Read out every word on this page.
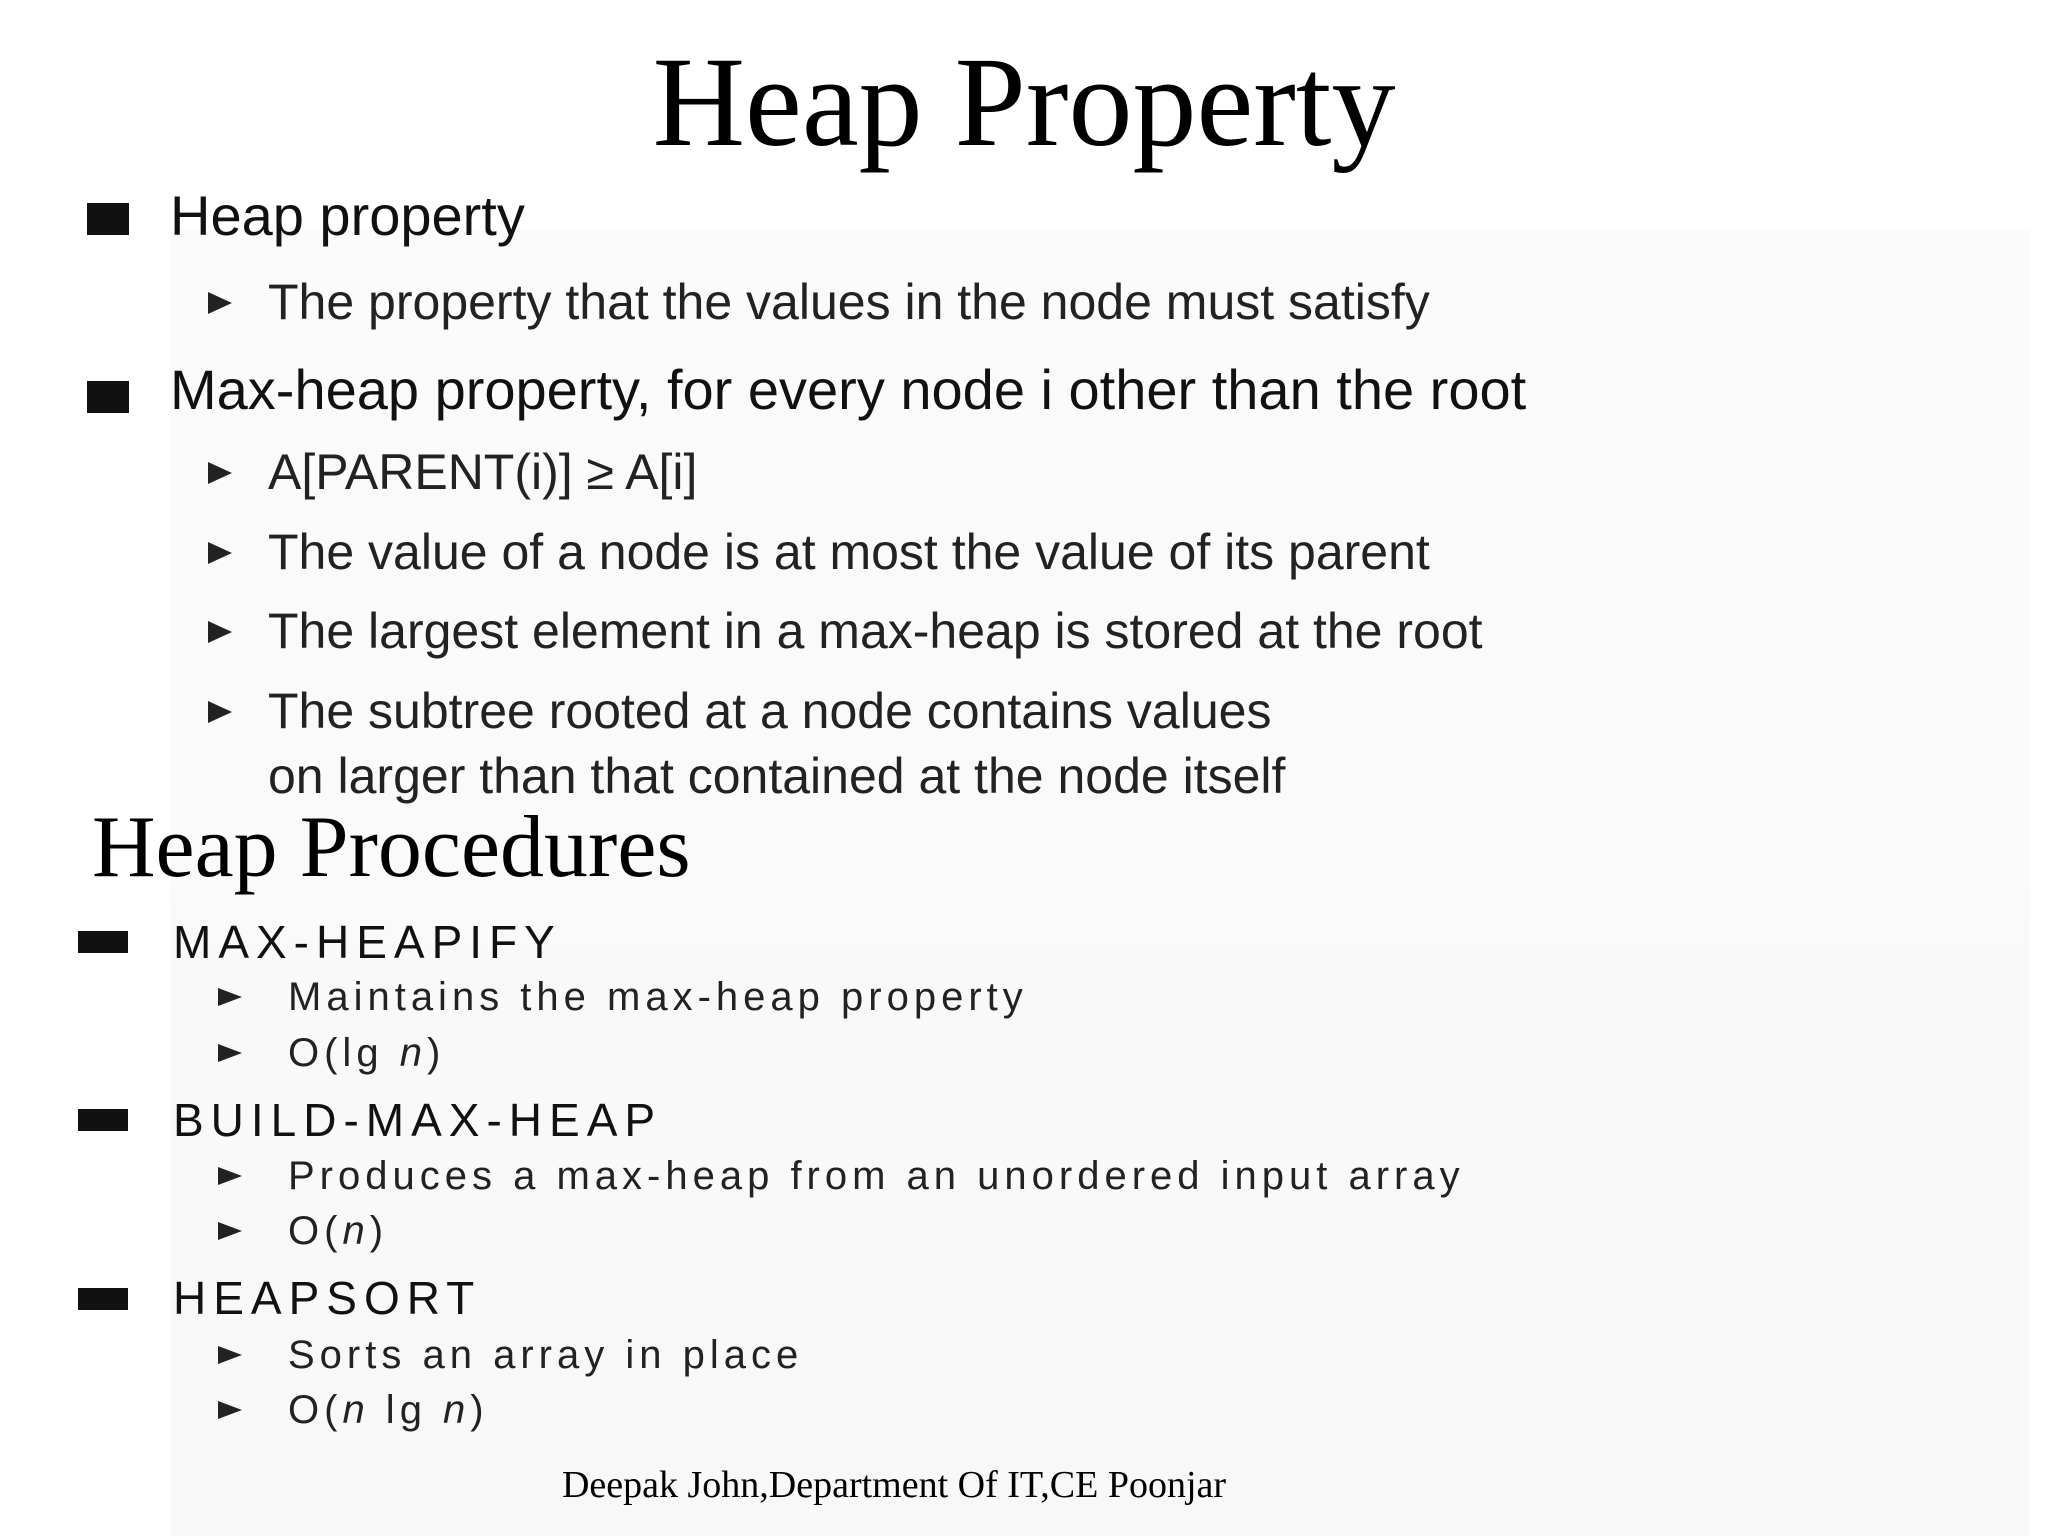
Heap Property
Heap property
The property that the values in the node must satisfy
Max-heap property, for every node i other than the root
A[PARENT(i)] ≥ A[i]
The value of a node is at most the value of its parent
The largest element in a max-heap is stored at the root
The subtree rooted at a node contains values
on larger than that contained at the node itself
Heap Procedures
MAX-HEAPIFY
Maintains the max-heap property
O(lg n)
BUILD-MAX-HEAP
Produces a max-heap from an unordered input array
O(n)
HEAPSORT
Sorts an array in place
O(n lg n)
Deepak John,Department Of IT,CE Poonjar
